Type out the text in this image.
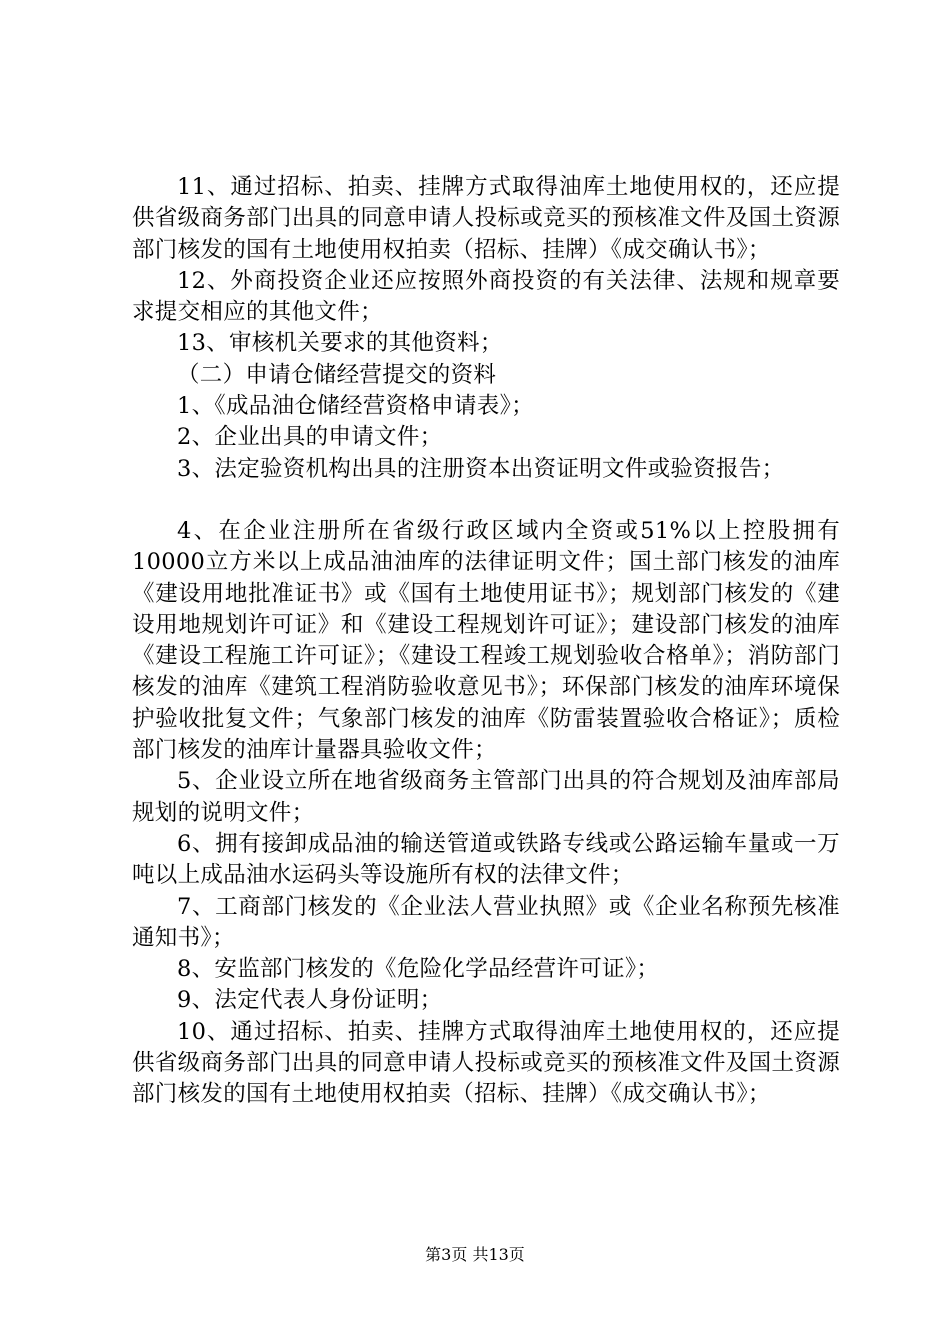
11、通过招标、拍卖、挂牌方式取得油库土地使用权的，还应提供省级商务部门出具的同意申请人投标或竞买的预核准文件及国土资源部门核发的国有土地使用权拍卖（招标、挂牌）《成交确认书》；

12、外商投资企业还应按照外商投资的有关法律、法规和规章要求提交相应的其他文件；

13、审核机关要求的其他资料；

（二）申请仓储经营提交的资料

1、《成品油仓储经营资格申请表》；

2、企业出具的申请文件；

3、法定验资机构出具的注册资本出资证明文件或验资报告；

4、在企业注册所在省级行政区域内全资或51%以上控股拥有10000立方米以上成品油油库的法律证明文件；国土部门核发的油库《建设用地批准证书》或《国有土地使用证书》；规划部门核发的《建设用地规划许可证》和《建设工程规划许可证》；建设部门核发的油库《建设工程施工许可证》；《建设工程竣工规划验收合格单》；消防部门核发的油库《建筑工程消防验收意见书》；环保部门核发的油库环境保护验收批复文件；气象部门核发的油库《防雷装置验收合格证》；质检部门核发的油库计量器具验收文件；

5、企业设立所在地省级商务主管部门出具的符合规划及油库部局规划的说明文件；

6、拥有接卸成品油的输送管道或铁路专线或公路运输车量或一万吨以上成品油水运码头等设施所有权的法律文件；

7、工商部门核发的《企业法人营业执照》或《企业名称预先核准通知书》；

8、安监部门核发的《危险化学品经营许可证》；

9、法定代表人身份证明；

10、通过招标、拍卖、挂牌方式取得油库土地使用权的，还应提供省级商务部门出具的同意申请人投标或竞买的预核准文件及国土资源部门核发的国有土地使用权拍卖（招标、挂牌）《成交确认书》；

第3页 共13页
